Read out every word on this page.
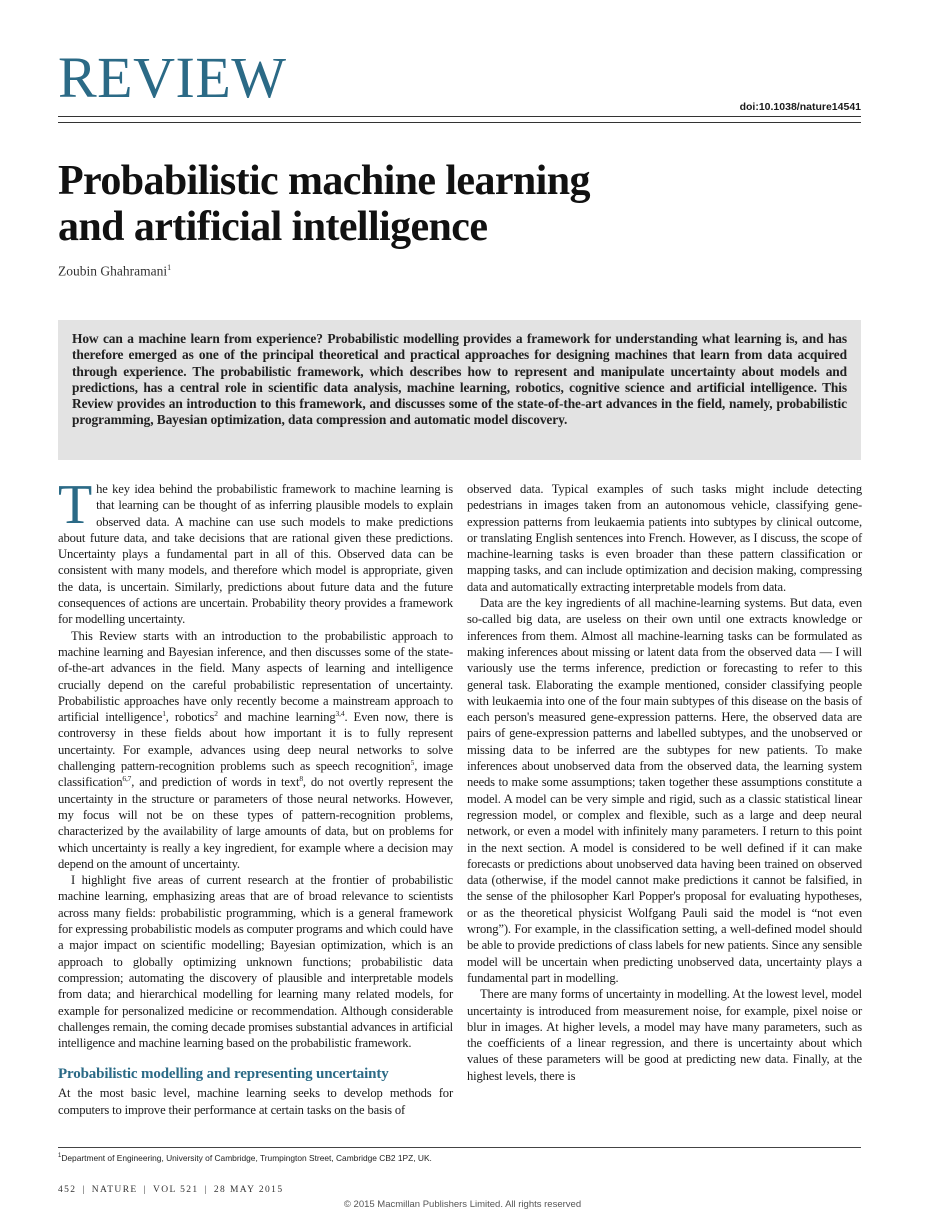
REVIEW	doi:10.1038/nature14541
Probabilistic machine learning
and artificial intelligence
Zoubin Ghahramani$^1$
How can a machine learn from experience? Probabilistic modelling provides a framework for understanding what learning is, and has therefore emerged as one of the principal theoretical and practical approaches for designing machines that learn from data acquired through experience. The probabilistic framework, which describes how to represent and manipulate uncertainty about models and predictions, has a central role in scientific data analysis, machine learning, robotics, cognitive science and artificial intelligence. This Review provides an introduction to this framework, and discusses some of the state-of-the-art advances in the field, namely, probabilistic programming, Bayesian optimization, data compression and automatic model discovery.

The key idea behind the probabilistic framework to machine learning is that learning can be thought of as inferring plausible models to explain observed data. A machine can use such models to make predictions about future data, and take decisions that are rational given these predictions. Uncertainty plays a fundamental part in all of this. Observed data can be consistent with many models, and therefore which model is appropriate, given the data, is uncertain. Similarly, predictions about future data and the future consequences of actions are uncertain. Probability theory provides a framework for modelling uncertainty.

This Review starts with an introduction to the probabilistic approach to machine learning and Bayesian inference, and then discusses some of the state-of-the-art advances in the field. Many aspects of learning and intelligence crucially depend on the careful probabilistic representation of uncertainty. Probabilistic approaches have only recently become a mainstream approach to artificial intelligence$^1$, robotics$^2$ and machine learning$^{3,4}$. Even now, there is controversy in these fields about how important it is to fully represent uncertainty. For example, advances using deep neural networks to solve challenging pattern-recognition problems such as speech recognition$^5$, image classification$^{6,7}$, and prediction of words in text$^8$, do not overtly represent the uncertainty in the structure or parameters of those neural networks. However, my focus will not be on these types of pattern-recognition problems, characterized by the availability of large amounts of data, but on problems for which uncertainty is really a key ingredient, for example where a decision may depend on the amount of uncertainty.

I highlight five areas of current research at the frontier of probabilistic machine learning, emphasizing areas that are of broad relevance to scientists across many fields: probabilistic programming, which is a general framework for expressing probabilistic models as computer programs and which could have a major impact on scientific modelling; Bayesian optimization, which is an approach to globally optimizing unknown functions; probabilistic data compression; automating the discovery of plausible and interpretable models from data; and hierarchical modelling for learning many related models, for example for personalized medicine or recommendation. Although considerable challenges remain, the coming decade promises substantial advances in artificial intelligence and machine learning based on the probabilistic framework.

Probabilistic modelling and representing uncertainty

At the most basic level, machine learning seeks to develop methods for computers to improve their performance at certain tasks on the basis of

observed data. Typical examples of such tasks might include detecting pedestrians in images taken from an autonomous vehicle, classifying gene-expression patterns from leukaemia patients into subtypes by clinical outcome, or translating English sentences into French. However, as I discuss, the scope of machine-learning tasks is even broader than these pattern classification or mapping tasks, and can include optimization and decision making, compressing data and automatically extracting interpretable models from data.

Data are the key ingredients of all machine-learning systems. But data, even so-called big data, are useless on their own until one extracts knowledge or inferences from them. Almost all machine-learning tasks can be formulated as making inferences about missing or latent data from the observed data — I will variously use the terms inference, prediction or forecasting to refer to this general task. Elaborating the example mentioned, consider classifying people with leukaemia into one of the four main subtypes of this disease on the basis of each person's measured gene-expression patterns. Here, the observed data are pairs of gene-expression patterns and labelled subtypes, and the unobserved or missing data to be inferred are the subtypes for new patients. To make inferences about unobserved data from the observed data, the learning system needs to make some assumptions; taken together these assumptions constitute a model. A model can be very simple and rigid, such as a classic statistical linear regression model, or complex and flexible, such as a large and deep neural network, or even a model with infinitely many parameters. I return to this point in the next section. A model is considered to be well defined if it can make forecasts or predictions about unobserved data having been trained on observed data (otherwise, if the model cannot make predictions it cannot be falsified, in the sense of the philosopher Karl Popper's proposal for evaluating hypotheses, or as the theoretical physicist Wolfgang Pauli said the model is “not even wrong”). For example, in the classification setting, a well-defined model should be able to provide predictions of class labels for new patients. Since any sensible model will be uncertain when predicting unobserved data, uncertainty plays a fundamental part in modelling.

There are many forms of uncertainty in modelling. At the lowest level, model uncertainty is introduced from measurement noise, for example, pixel noise or blur in images. At higher levels, a model may have many parameters, such as the coefficients of a linear regression, and there is uncertainty about which values of these parameters will be good at predicting new data. Finally, at the highest levels, there is

$^1$Department of Engineering, University of Cambridge, Trumpington Street, Cambridge CB2 1PZ, UK.
452 | NATURE | VOL 521 | 28 MAY 2015
© 2015 Macmillan Publishers Limited. All rights reserved
